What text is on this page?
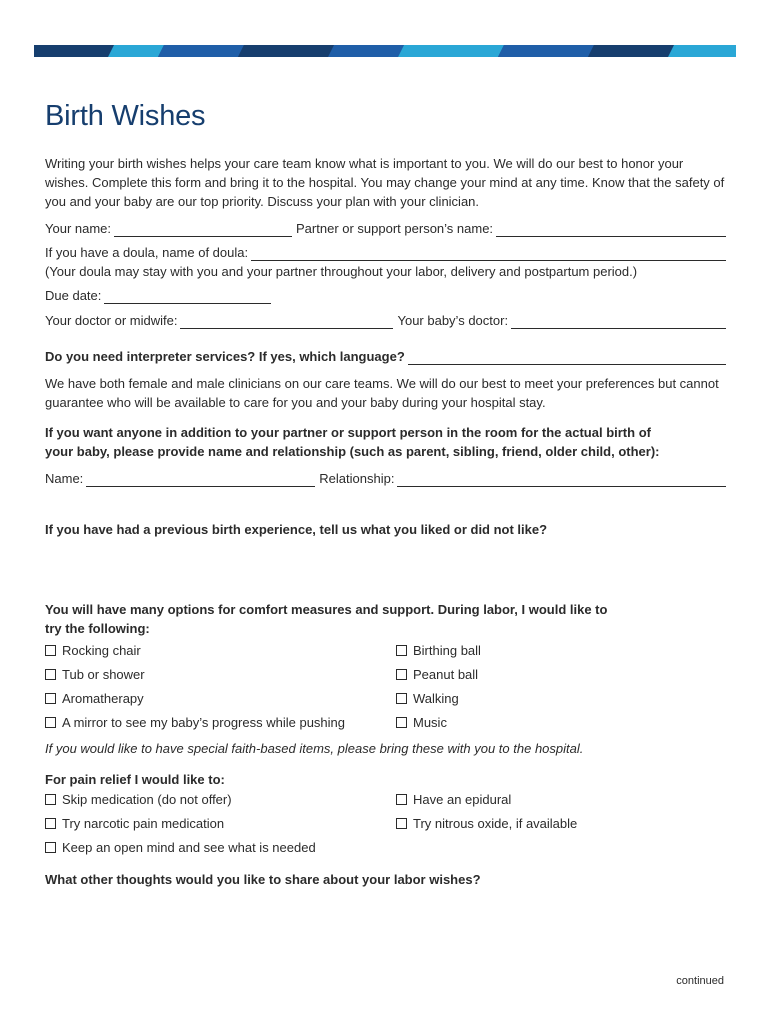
Birth Wishes
Writing your birth wishes helps your care team know what is important to you. We will do our best to honor your wishes. Complete this form and bring it to the hospital. You may change your mind at any time. Know that the safety of you and your baby are our top priority. Discuss your plan with your clinician.
Your name:	Partner or support person’s name:
If you have a doula, name of doula:
(Your doula may stay with you and your partner throughout your labor, delivery and postpartum period.)
Due date:
Your doctor or midwife:	Your baby’s doctor:
Do you need interpreter services? If yes, which language?
We have both female and male clinicians on our care teams. We will do our best to meet your preferences but cannot guarantee who will be available to care for you and your baby during your hospital stay.
If you want anyone in addition to your partner or support person in the room for the actual birth of your baby, please provide name and relationship (such as parent, sibling, friend, older child, other):
Name:	Relationship:
If you have had a previous birth experience, tell us what you liked or did not like?
You will have many options for comfort measures and support. During labor, I would like to try the following:
Rocking chair	Birthing ball
Tub or shower	Peanut ball
Aromatherapy	Walking
A mirror to see my baby’s progress while pushing	Music
If you would like to have special faith-based items, please bring these with you to the hospital.
For pain relief I would like to:
Skip medication (do not offer)	Have an epidural
Try narcotic pain medication	Try nitrous oxide, if available
Keep an open mind and see what is needed
What other thoughts would you like to share about your labor wishes?
continued
